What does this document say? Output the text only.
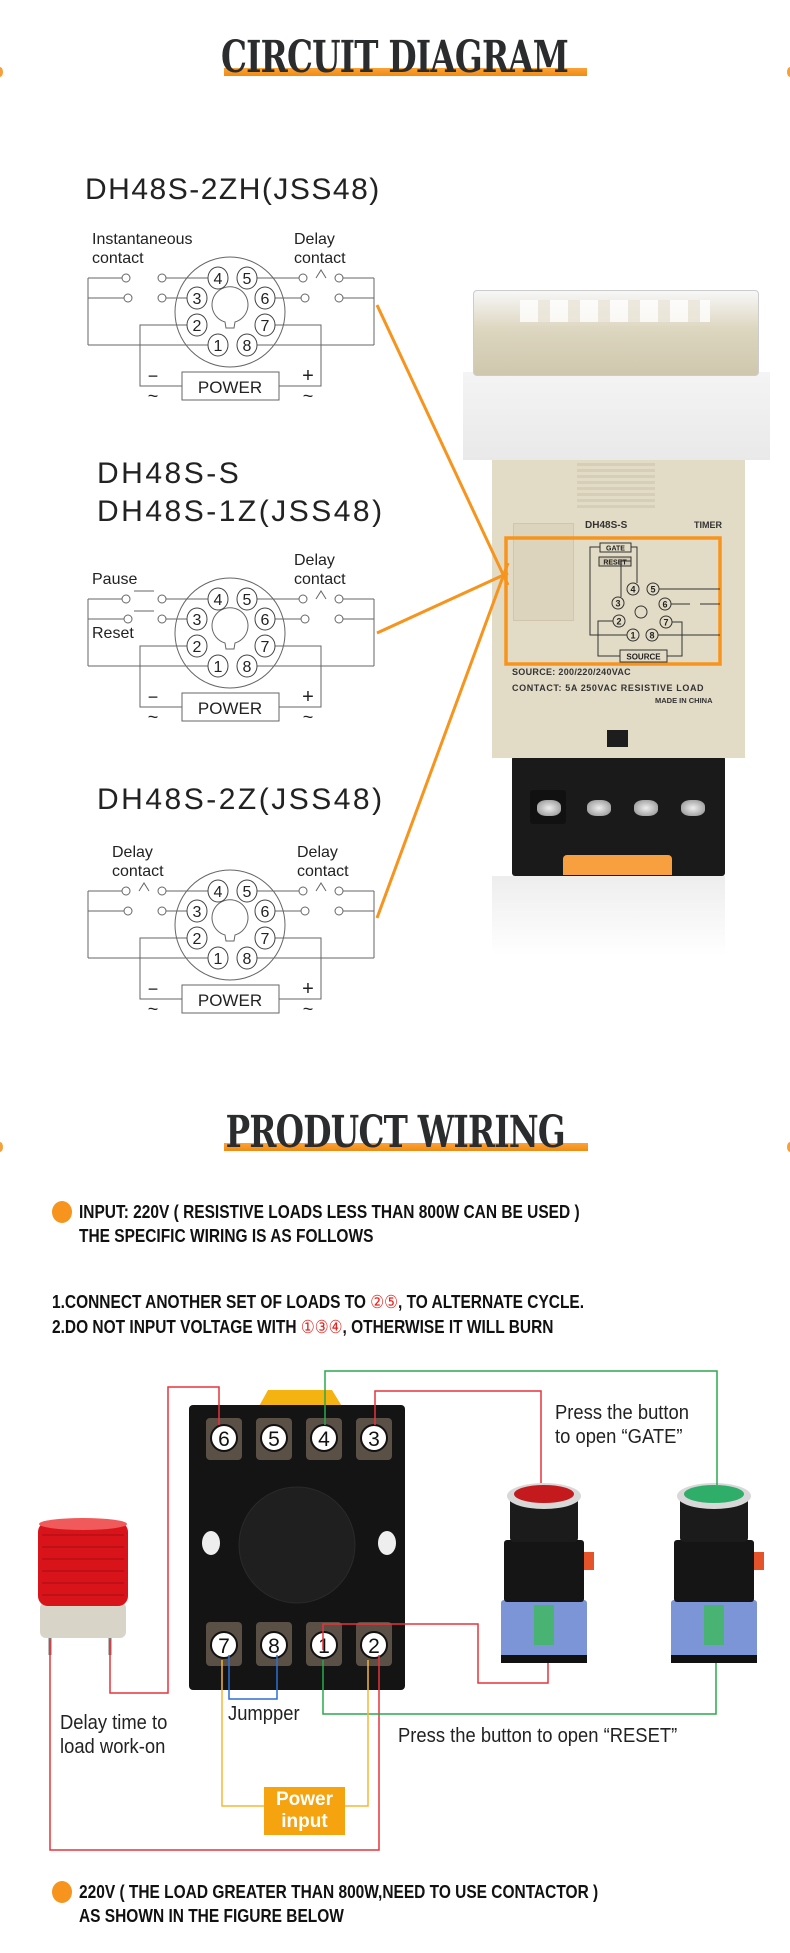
CIRCUIT DIAGRAM
DH48S-2ZH(JSS48)
Instantaneous
contact
Delay
contact
DH48S-S
DH48S-1Z(JSS48)
Pause
Reset
Delay
contact
DH48S-2Z(JSS48)
Delay
contact
Delay
contact
DH48S-S	TIMER
SOURCE: 200/220/240VAC
CONTACT: 5A 250VAC RESISTIVE LOAD
MADE IN CHINA
POWER
−	+
~	~
1
2
3
4 5
6
7
8
POWER
−	+
~	~
1
2
3
4 5
6
7
8
POWER
−	+
~	~
1
2
3
4 5
6
7
8
GATE
RESET
SOURCE
1
2
3
4 5
6
7
8
PRODUCT WIRING
INPUT: 220V ( RESISTIVE LOADS LESS THAN 800W CAN BE USED )
THE SPECIFIC WIRING IS AS FOLLOWS
1.CONNECT ANOTHER SET OF LOADS TO ②⑤, TO ALTERNATE CYCLE.
2.DO NOT INPUT VOLTAGE WITH ①③④, OTHERWISE IT WILL BURN
6
7
5
8
4
1
3
2
Press the button
to open “GATE”
Delay time to
load work-on
Jumpper
Press the button to open “RESET”
Power
input
220V ( THE LOAD GREATER THAN 800W,NEED TO USE CONTACTOR )
AS SHOWN IN THE FIGURE BELOW
